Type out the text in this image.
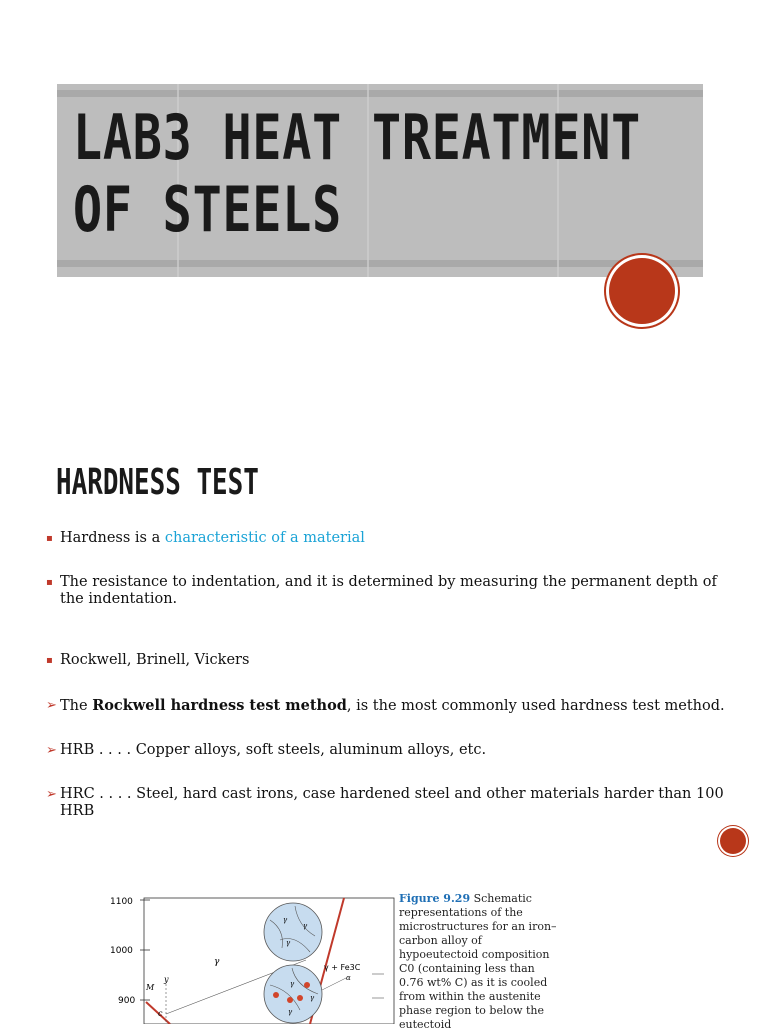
LAB3 HEAT TREATMENT
OF STEELS
HARDNESS TEST
▪ Hardness is a characteristic of a material
▪ The resistance to indentation, and it is determined by measuring the permanent depth of the indentation.
▪ Rockwell, Brinell, Vickers
➢ The Rockwell hardness test method, is the most commonly used hardness test method.
➢ HRB . . . . Copper alloys, soft steels, aluminum alloys, etc.
➢ HRC . . . . Steel, hard cast irons, case hardened steel and other materials harder than 100 HRB
1100
1000
900
γ
γ + Fe3C
M
y
c
γ
γ
γ
γ
γ
γ
α
Figure 9.29 Schematic representations of the microstructures for an iron–carbon alloy of hypoeutectoid composition C0 (containing less than 0.76 wt% C) as it is cooled from within the austenite phase region to below the eutectoid
